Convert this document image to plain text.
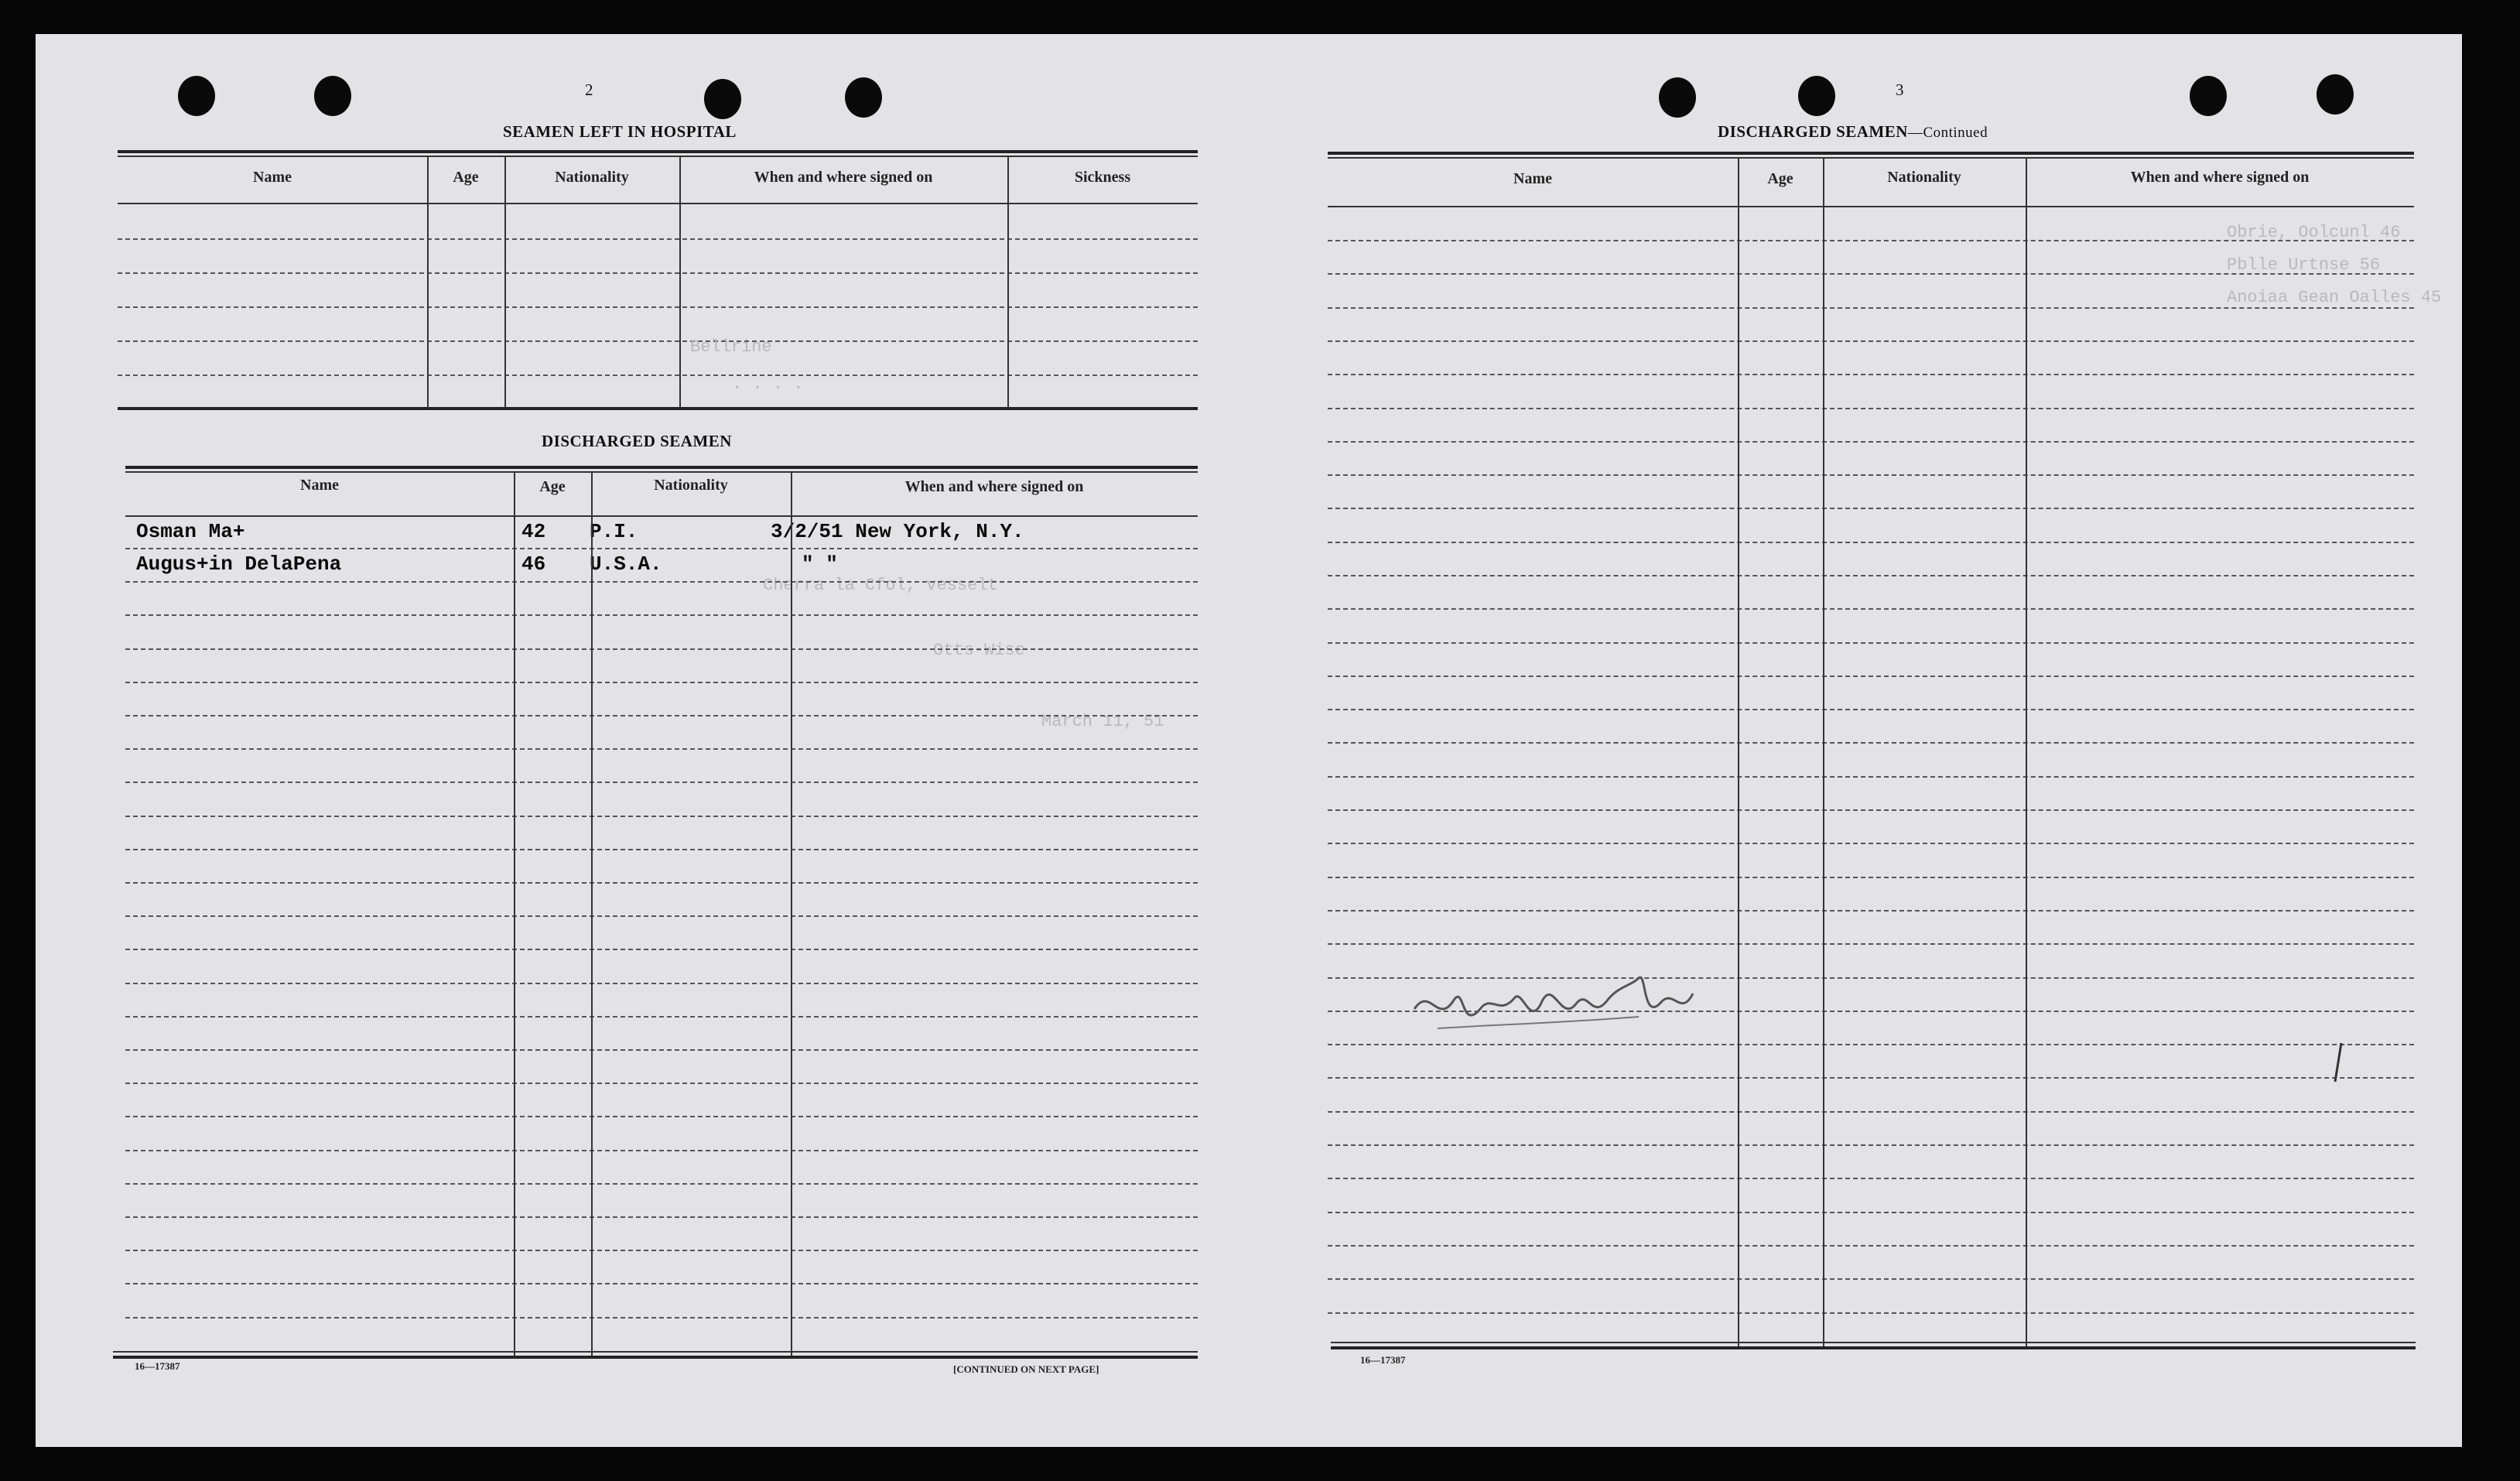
2
SEAMEN LEFT IN HOSPITAL
Name	Age	Nationality	When and where signed on	Sickness
Bellrine
. . . .
Cherra la Cfol, vesselt
Otts-Wise
March 11, 51
DISCHARGED SEAMEN
Name	Age	Nationality	When and where signed on
Osman Ma+	42 P.I.	3/2/51 New York, N.Y.
Augus+in DelaPena	46 U.S.A.	" "
16—17387	[CONTINUED ON NEXT PAGE]
3
DISCHARGED SEAMEN—Continued
Name	Age	Nationality	When and where signed on
Obrie, Oolcunl 46
Pblle Urtnse 56
Anoiaa Gean Oalles 45
16—17387
